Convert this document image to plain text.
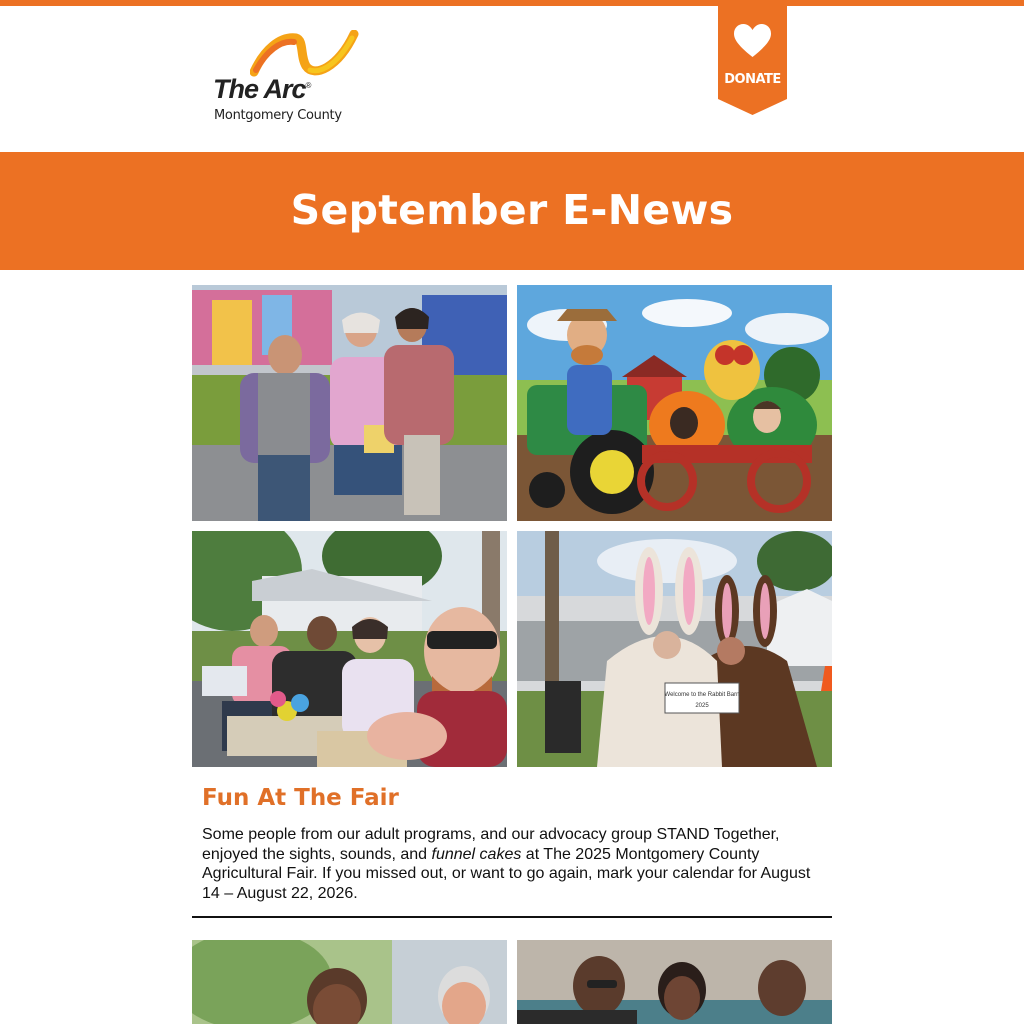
The Arc®
Montgomery County
DONATE
September E-News
Welcome to the Rabbit Barn
2025
Fun At The Fair

Some people from our adult programs, and our advocacy group STAND Together, enjoyed the sights, sounds, and funnel cakes at The 2025 Montgomery County Agricultural Fair. If you missed out, or want to go again, mark your calendar for August 14 – August 22, 2026.
